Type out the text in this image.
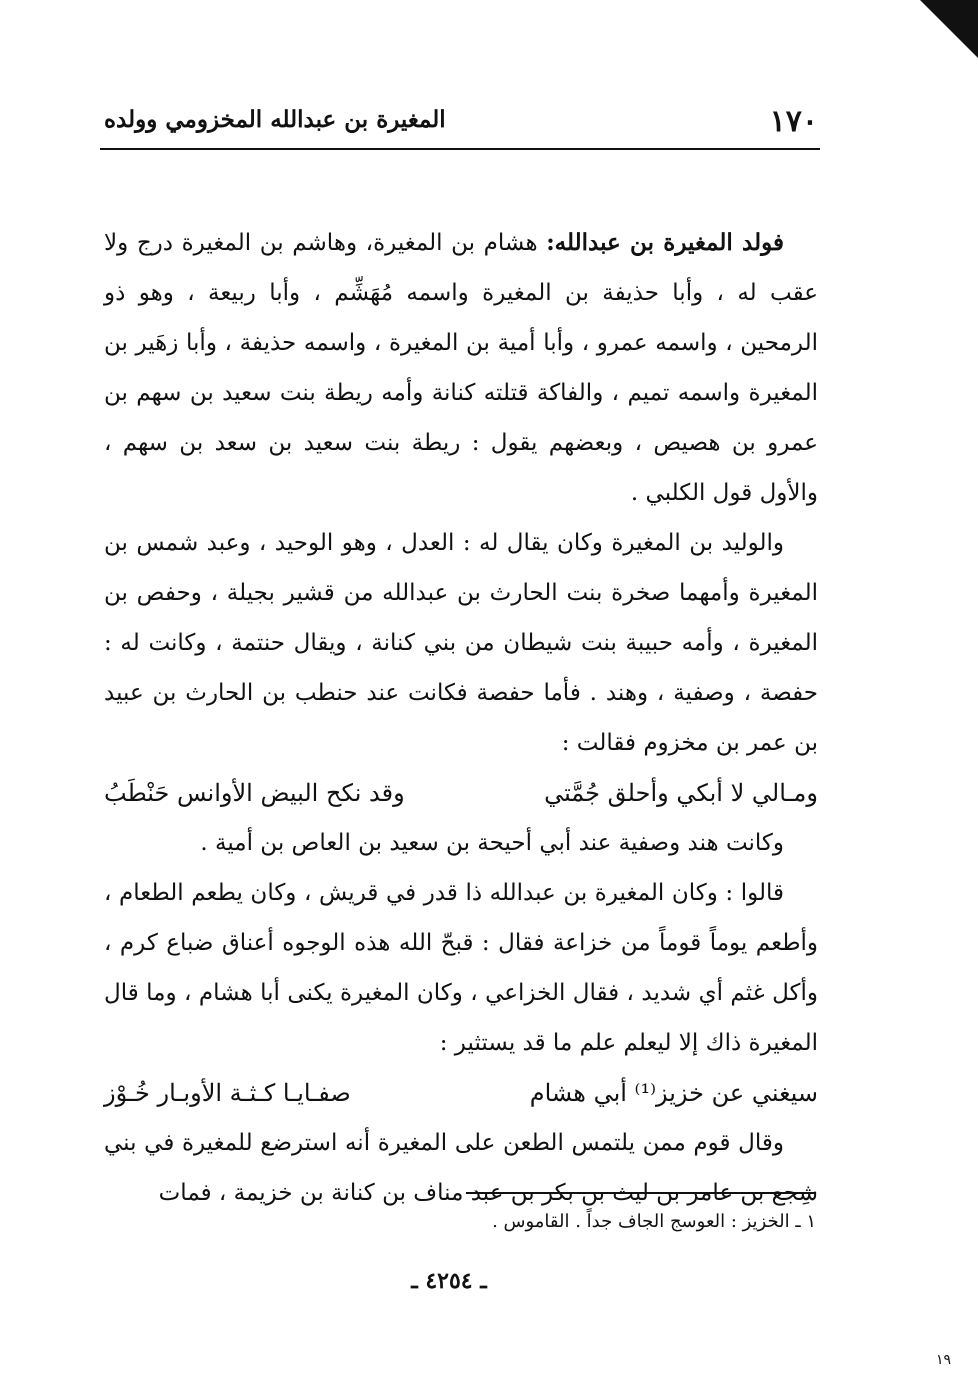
١٧٠
المغيرة بن عبدالله المخزومي وولده

فولد المغيرة بن عبدالله: هشام بن المغيرة، وهاشم بن المغيرة درج ولا عقب له ، وأبا حذيفة بن المغيرة واسمه مُهَشِّم ، وأبا ربيعة ، وهو ذو الرمحين ، واسمه عمرو ، وأبا أمية بن المغيرة ، واسمه حذيفة ، وأبا زهَير بن المغيرة واسمه تميم ، والفاكة قتلته كنانة وأمه ريطة بنت سعيد بن سهم بن عمرو بن هصيص ، وبعضهم يقول : ريطة بنت سعيد بن سعد بن سهم ، والأول قول الكلبي .

والوليد بن المغيرة وكان يقال له : العدل ، وهو الوحيد ، وعبد شمس بن المغيرة وأمهما صخرة بنت الحارث بن عبدالله من قشير بجيلة ، وحفص بن المغيرة ، وأمه حبيبة بنت شيطان من بني كنانة ، ويقال حنتمة ، وكانت له : حفصة ، وصفية ، وهند . فأما حفصة فكانت عند حنطب بن الحارث بن عبيد بن عمر بن مخزوم فقالت :

ومـالي لا أبكي وأحلق جُمَّتي
وقد نكح البيض الأوانس حَنْطَبُ

وكانت هند وصفية عند أبي أحيحة بن سعيد بن العاص بن أمية .

قالوا : وكان المغيرة بن عبدالله ذا قدر في قريش ، وكان يطعم الطعام ، وأطعم يوماً قوماً من خزاعة فقال : قبحّ الله هذه الوجوه أعناق ضباع كرم ، وأكل غثم أي شديد ، فقال الخزاعي ، وكان المغيرة يكنى أبا هشام ، وما قال المغيرة ذاك إلا ليعلم علم ما قد يستثير :

سيغني عن خزيز⁽¹⁾ أبي هشام
صفـايـا كـثـة الأوبـار خُـوْز

وقال قوم ممن يلتمس الطعن على المغيرة أنه استرضع للمغيرة في بني شِجع بن عامر بن ليث بن بكر بن عبد مناف بن كنانة بن خزيمة ، فمات

١ ـ الخزيز : العوسج الجاف جداً . القاموس .
ـ ٤٢٥٤ ـ
١٩
